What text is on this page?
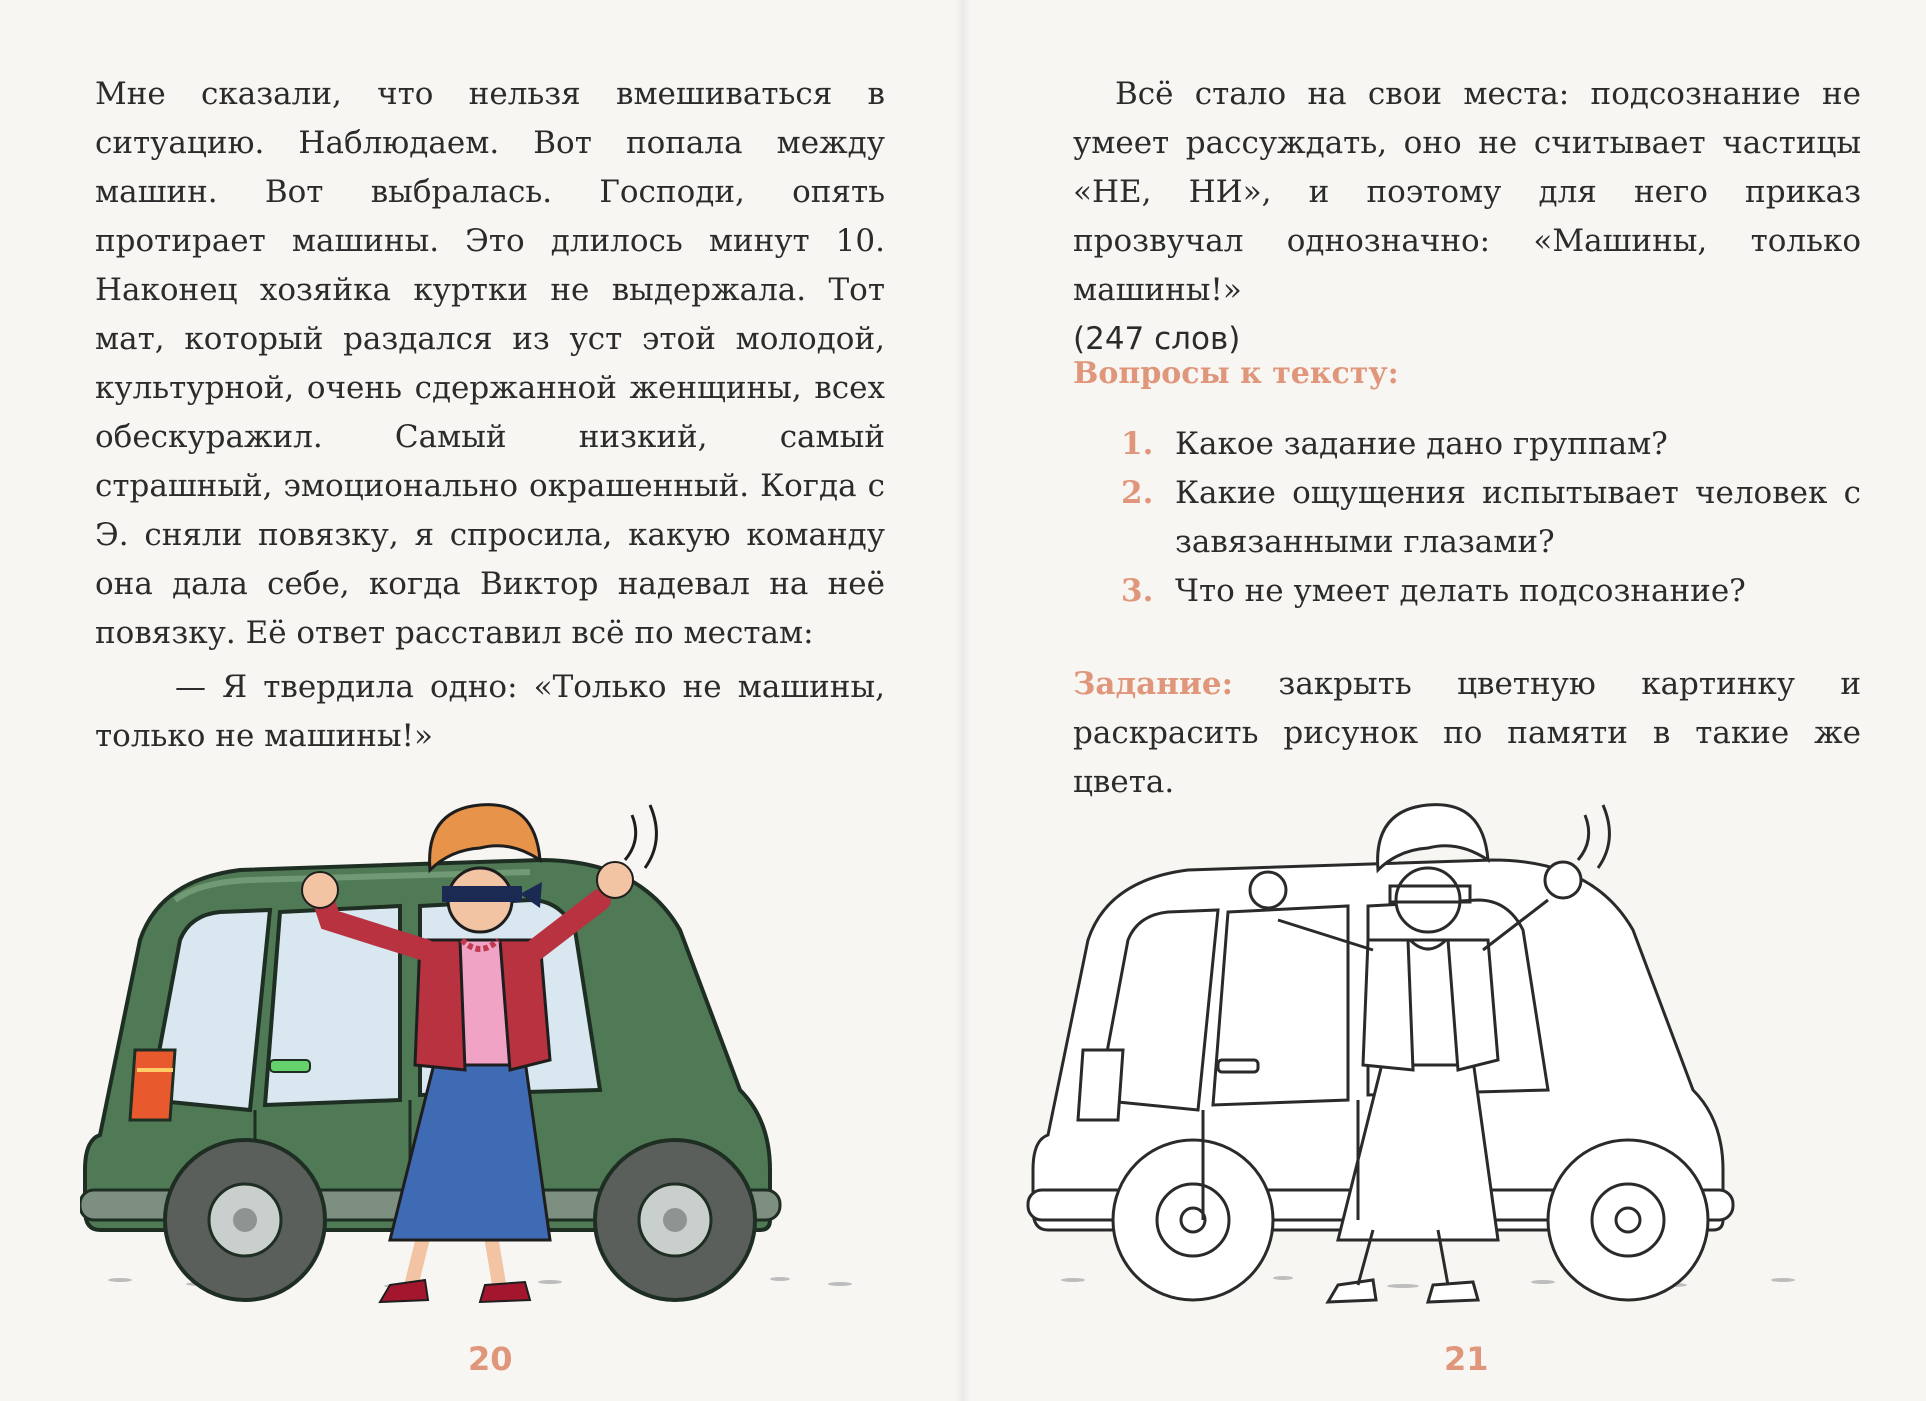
Мне сказали, что нельзя вмешиваться в ситуацию. Наблюдаем. Вот попала между машин. Вот выбралась. Господи, опять протирает машины. Это длилось минут 10. Наконец хозяйка куртки не выдержала. Тот мат, который раздался из уст этой молодой, культурной, очень сдержанной женщины, всех обескуражил. Самый низкий, самый страшный, эмоционально окрашенный. Когда с Э. сняли повязку, я спросила, какую команду она дала себе, когда Виктор надевал на неё повязку. Её ответ расставил всё по местам:

— Я твердила одно: «Только не машины, только не машины!»

20

Всё стало на свои места: подсознание не умеет рассуждать, оно не считывает частицы «НЕ, НИ», и поэтому для него приказ прозвучал однозначно: «Машины, только машины!»
(247 слов)

Вопросы к тексту:
1. Какое задание дано группам?
2. Какие ощущения испытывает человек с завязанными глазами?
3. Что не умеет делать подсознание?

Задание: закрыть цветную картинку и раскрасить рисунок по памяти в такие же цвета.

21
